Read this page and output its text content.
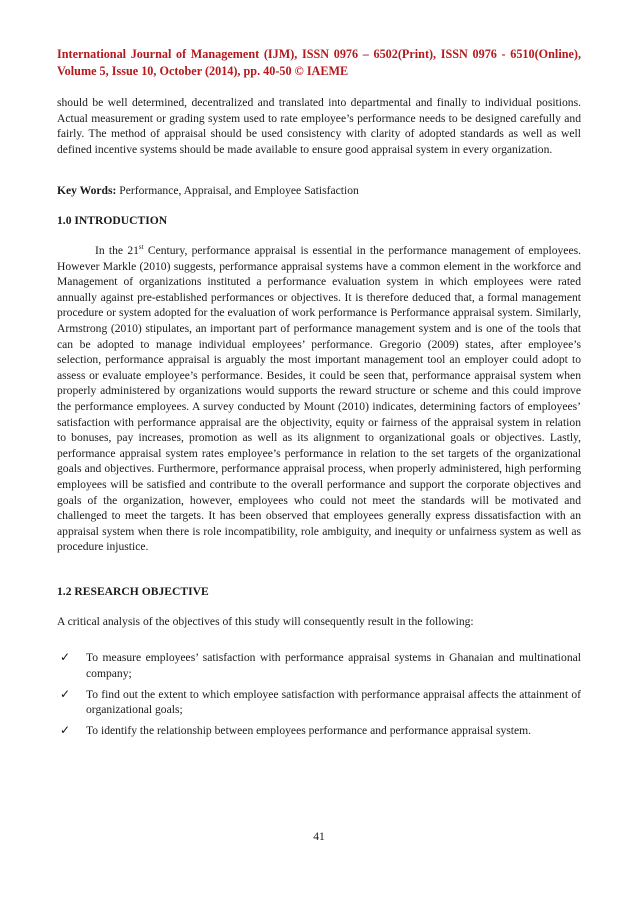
International Journal of Management (IJM), ISSN 0976 – 6502(Print), ISSN 0976 - 6510(Online), Volume 5, Issue 10, October (2014), pp. 40-50 © IAEME

should be well determined, decentralized and translated into departmental and finally to individual positions. Actual measurement or grading system used to rate employee’s performance needs to be designed carefully and fairly. The method of appraisal should be used consistency with clarity of adopted standards as well as well defined incentive systems should be made available to ensure good appraisal system in every organization.

Key Words: Performance, Appraisal, and Employee Satisfaction

1.0 INTRODUCTION

In the 21st Century, performance appraisal is essential in the performance management of employees. However Markle (2010) suggests, performance appraisal systems have a common element in the workforce and Management of organizations instituted a performance evaluation system in which employees were rated annually against pre-established performances or objectives. It is therefore deduced that, a formal management procedure or system adopted for the evaluation of work performance is Performance appraisal system. Similarly, Armstrong (2010) stipulates, an important part of performance management system and is one of the tools that can be adopted to manage individual employees’ performance. Gregorio (2009) states, after employee’s selection, performance appraisal is arguably the most important management tool an employer could adopt to assess or evaluate employee’s performance. Besides, it could be seen that, performance appraisal system when properly administered by organizations would supports the reward structure or scheme and this could improve the performance employees. A survey conducted by Mount (2010) indicates, determining factors of employees’ satisfaction with performance appraisal are the objectivity, equity or fairness of the appraisal system in relation to bonuses, pay increases, promotion as well as its alignment to organizational goals or objectives. Lastly, performance appraisal system rates employee’s performance in relation to the set targets of the organizational goals and objectives. Furthermore, performance appraisal process, when properly administered, high performing employees will be satisfied and contribute to the overall performance and support the corporate objectives and goals of the organization, however, employees who could not meet the standards will be motivated and challenged to meet the targets. It has been observed that employees generally express dissatisfaction with an appraisal system when there is role incompatibility, role ambiguity, and inequity or unfairness system as well as procedure injustice.

1.2 RESEARCH OBJECTIVE

A critical analysis of the objectives of this study will consequently result in the following:

✓ To measure employees’ satisfaction with performance appraisal systems in Ghanaian and multinational company;
✓ To find out the extent to which employee satisfaction with performance appraisal affects the attainment of organizational goals;
✓ To identify the relationship between employees performance and performance appraisal system.

41
